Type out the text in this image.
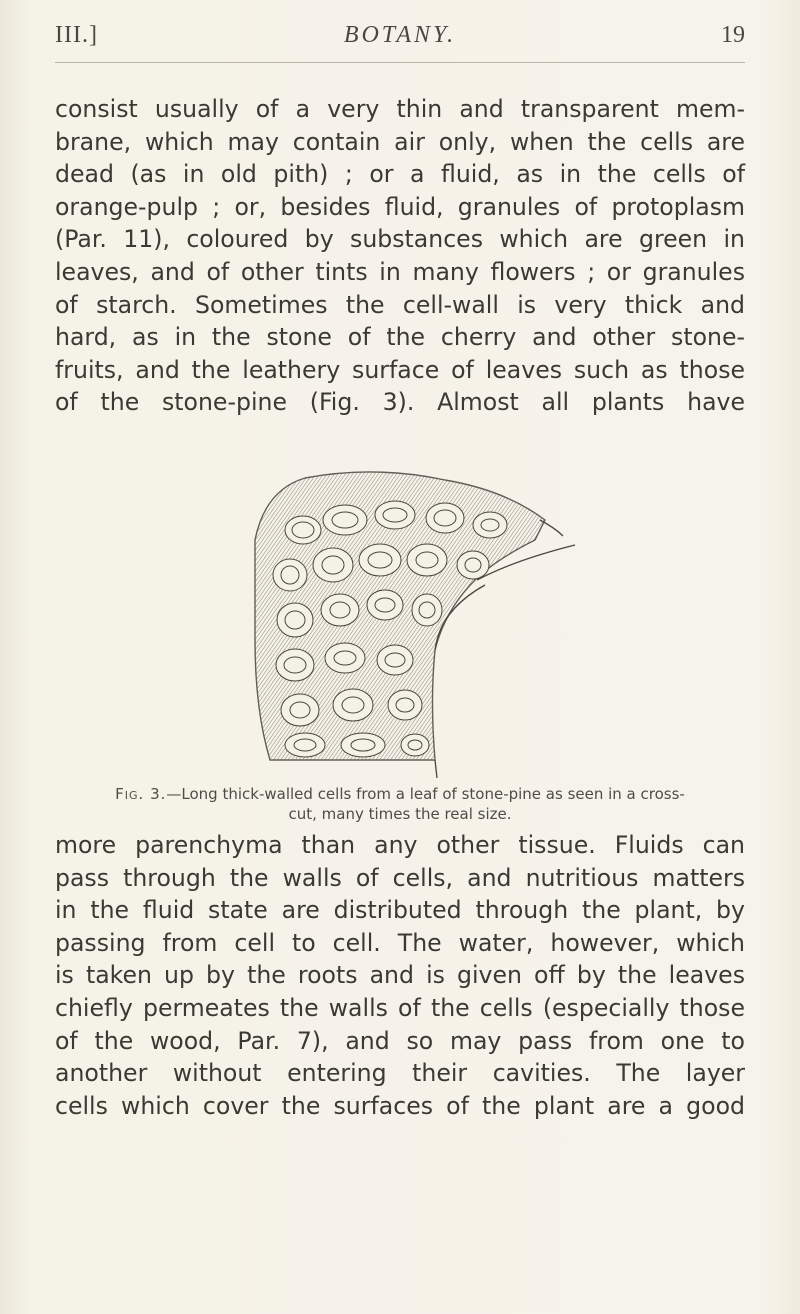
III.]	BOTANY.	19
consist usually of a very thin and transparent mem-
brane, which may contain air only, when the cells are
dead (as in old pith) ; or a fluid, as in the cells of
orange-pulp ; or, besides fluid, granules of protoplasm
(Par. 11), coloured by substances which are green in
leaves, and of other tints in many flowers ; or granules
of starch. Sometimes the cell-wall is very thick and
hard, as in the stone of the cherry and other stone-
fruits, and the leathery surface of leaves such as those
of the stone-pine (Fig. 3). Almost all plants have
Fig. 3.—Long thick-walled cells from a leaf of stone-pine as seen in a cross-
cut, many times the real size.
more parenchyma than any other tissue. Fluids can
pass through the walls of cells, and nutritious matters
in the fluid state are distributed through the plant, by
passing from cell to cell. The water, however, which
is taken up by the roots and is given off by the leaves
chiefly permeates the walls of the cells (especially those
of the wood, Par. 7), and so may pass from one to
another without entering their cavities. The layer
cells which cover the surfaces of the plant are a good
